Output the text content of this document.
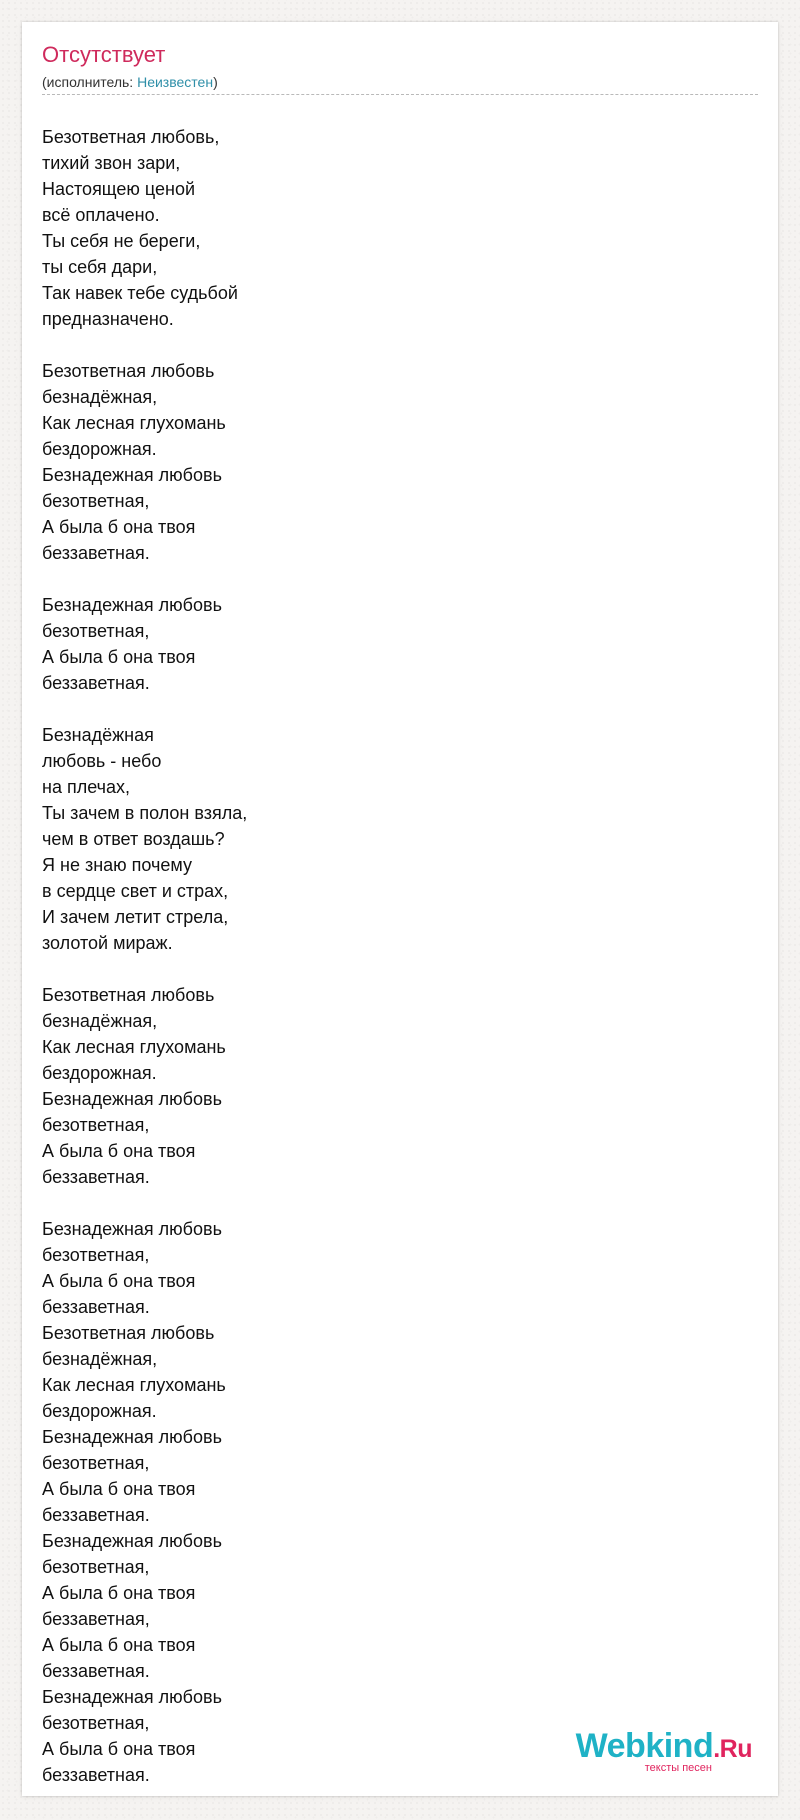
Отсутствует
(исполнитель: Неизвестен)
Безответная любовь,
тихий звон зари,
Настоящею ценой
всё оплачено.
Ты себя не береги,
ты себя дари,
Так навек тебе судьбой
предназначено.

Безответная любовь
безнадёжная,
Как лесная глухомань
бездорожная.
Безнадежная любовь
безответная,
А была б она твоя
беззаветная.

Безнадежная любовь
безответная,
А была б она твоя
беззаветная.

Безнадёжная
любовь - небо
на плечах,
Ты зачем в полон взяла,
чем в ответ воздашь?
Я не знаю почему
в сердце свет и страх,
И зачем летит стрела,
золотой мираж.

Безответная любовь
безнадёжная,
Как лесная глухомань
бездорожная.
Безнадежная любовь
безответная,
А была б она твоя
беззаветная.

Безнадежная любовь
безответная,
А была б она твоя
беззаветная.
Безответная любовь
безнадёжная,
Как лесная глухомань
бездорожная.
Безнадежная любовь
безответная,
А была б она твоя
беззаветная.
Безнадежная любовь
безответная,
А была б она твоя
беззаветная,
А была б она твоя
беззаветная.
Безнадежная любовь
безответная,
А была б она твоя
беззаветная.
Webkind.Ru
тексты песен
